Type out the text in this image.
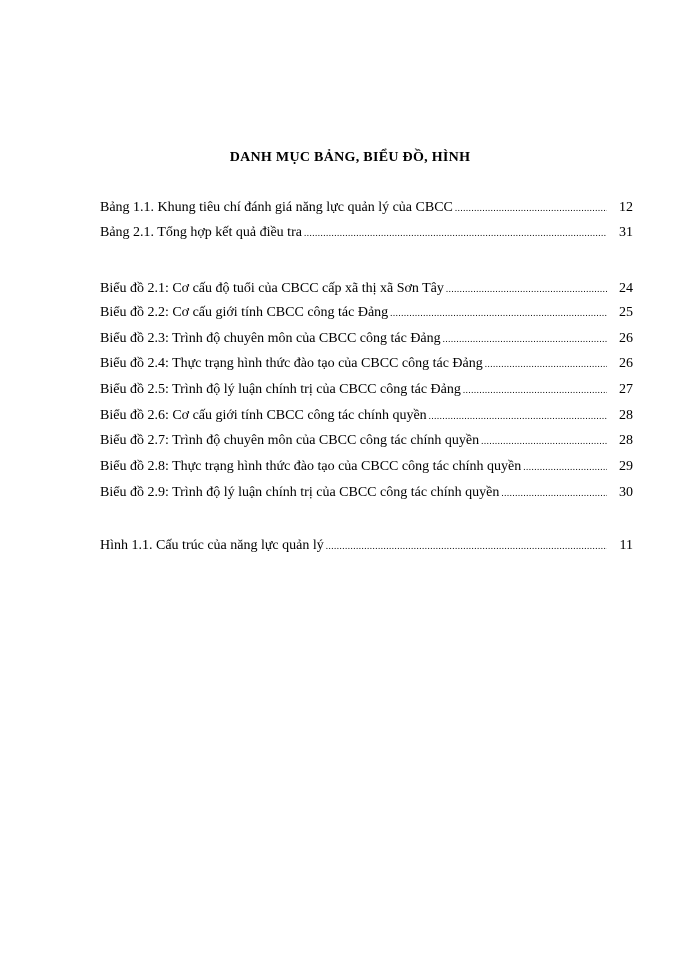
DANH MỤC BẢNG, BIỂU ĐỒ, HÌNH
Bảng 1.1. Khung tiêu chí đánh giá năng lực quản lý của CBCC .....	12
Bảng 2.1. Tổng hợp kết quả điều tra .....	31
Biểu đồ 2.1: Cơ cấu độ tuổi của CBCC cấp xã thị xã Sơn Tây .....	24
Biểu đồ 2.2: Cơ cấu giới tính CBCC công tác Đảng .....	25
Biểu đồ 2.3: Trình độ chuyên môn của CBCC công tác Đảng .....	26
Biểu đồ 2.4: Thực trạng hình thức đào tạo của CBCC công tác Đảng .....	26
Biểu đồ 2.5: Trình độ lý luận chính trị của CBCC công tác Đảng .....	27
Biểu đồ 2.6: Cơ cấu giới tính CBCC công tác chính quyền .....	28
Biểu đồ 2.7: Trình độ chuyên môn của CBCC công tác chính quyền .....	28
Biểu đồ 2.8: Thực trạng hình thức đào tạo của CBCC công tác chính quyền .....	29
Biểu đồ 2.9: Trình độ lý luận chính trị của CBCC công tác chính quyền .....	30
Hình 1.1. Cấu trúc của năng lực quản lý .....	11
